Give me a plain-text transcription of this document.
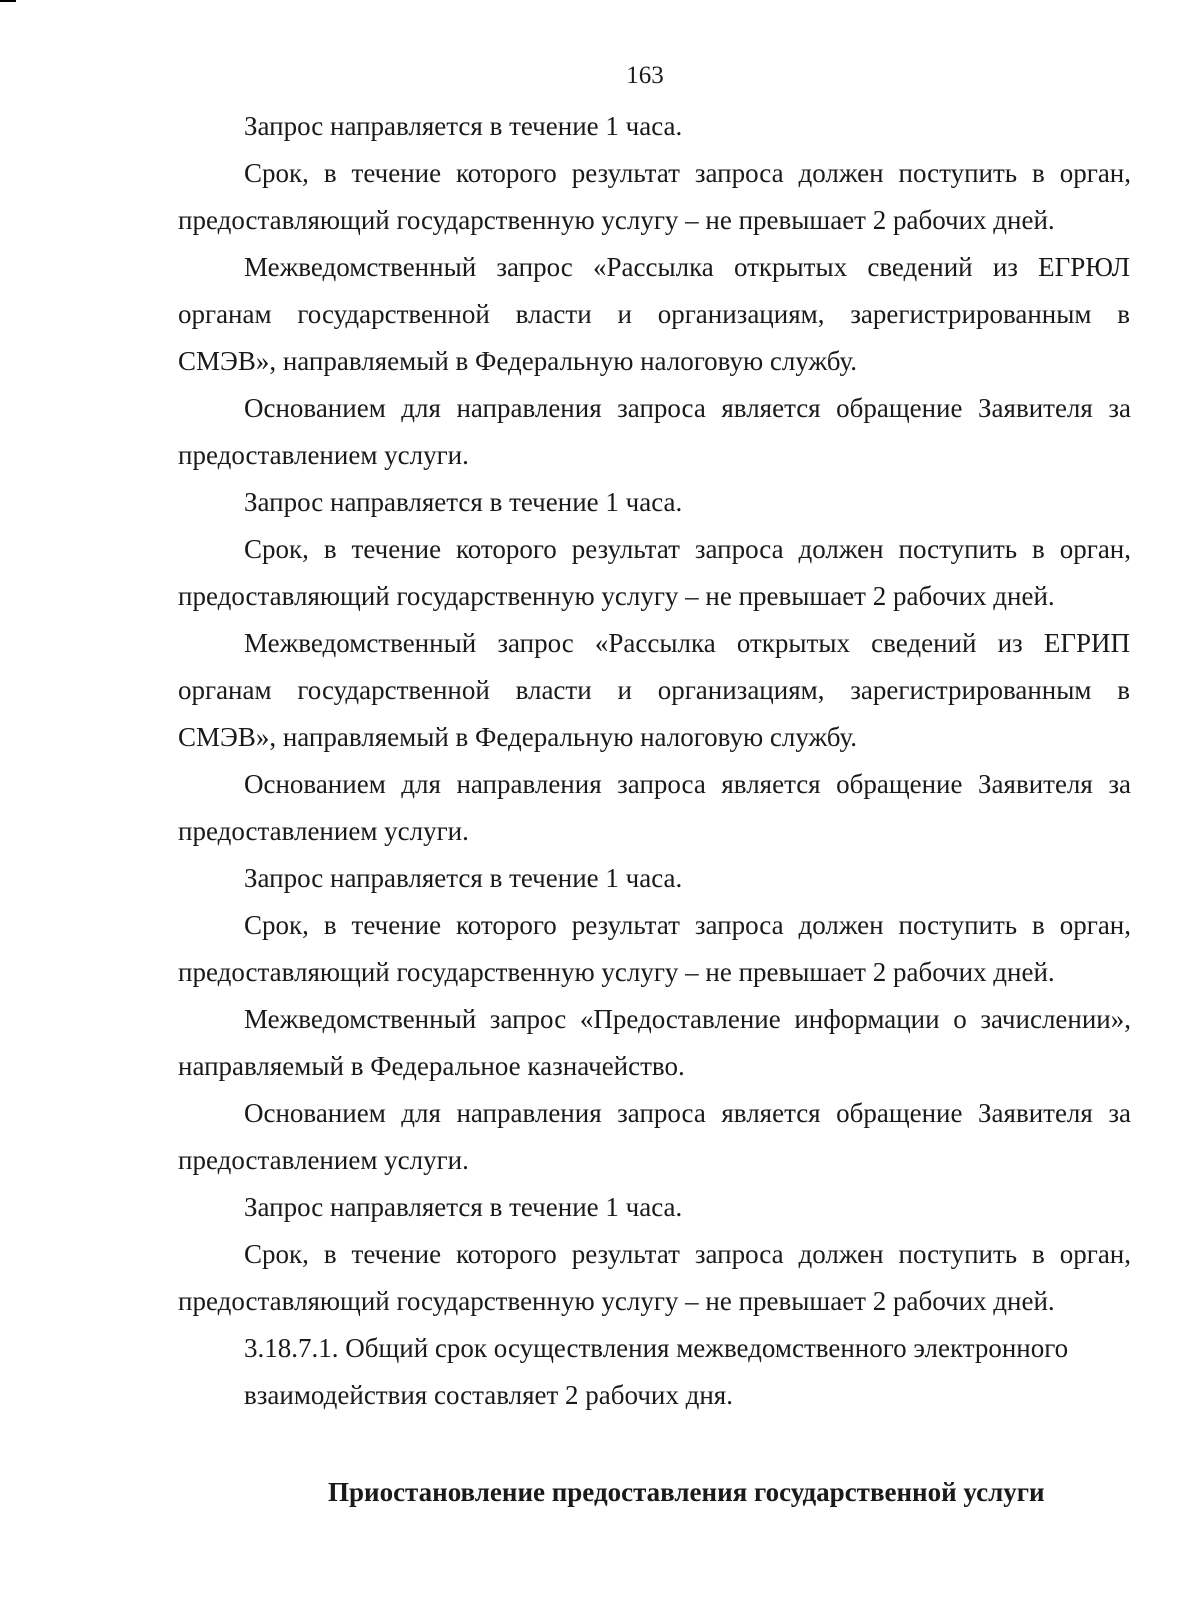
163
Запрос направляется в течение 1 часа.
Срок, в течение которого результат запроса должен поступить в орган,
предоставляющий государственную услугу – не превышает 2 рабочих дней.
Межведомственный запрос «Рассылка открытых сведений из ЕГРЮЛ
органам государственной власти и организациям, зарегистрированным в
СМЭВ», направляемый в Федеральную налоговую службу.
Основанием для направления запроса является обращение Заявителя за
предоставлением услуги.
Запрос направляется в течение 1 часа.
Срок, в течение которого результат запроса должен поступить в орган,
предоставляющий государственную услугу – не превышает 2 рабочих дней.
Межведомственный запрос «Рассылка открытых сведений из ЕГРИП
органам государственной власти и организациям, зарегистрированным в
СМЭВ», направляемый в Федеральную налоговую службу.
Основанием для направления запроса является обращение Заявителя за
предоставлением услуги.
Запрос направляется в течение 1 часа.
Срок, в течение которого результат запроса должен поступить в орган,
предоставляющий государственную услугу – не превышает 2 рабочих дней.
Межведомственный запрос «Предоставление информации о зачислении»,
направляемый в Федеральное казначейство.
Основанием для направления запроса является обращение Заявителя за
предоставлением услуги.
Запрос направляется в течение 1 часа.
Срок, в течение которого результат запроса должен поступить в орган,
предоставляющий государственную услугу – не превышает 2 рабочих дней.
3.18.7.1. Общий срок осуществления межведомственного электронного
взаимодействия составляет 2 рабочих дня.
Приостановление предоставления государственной услуги
